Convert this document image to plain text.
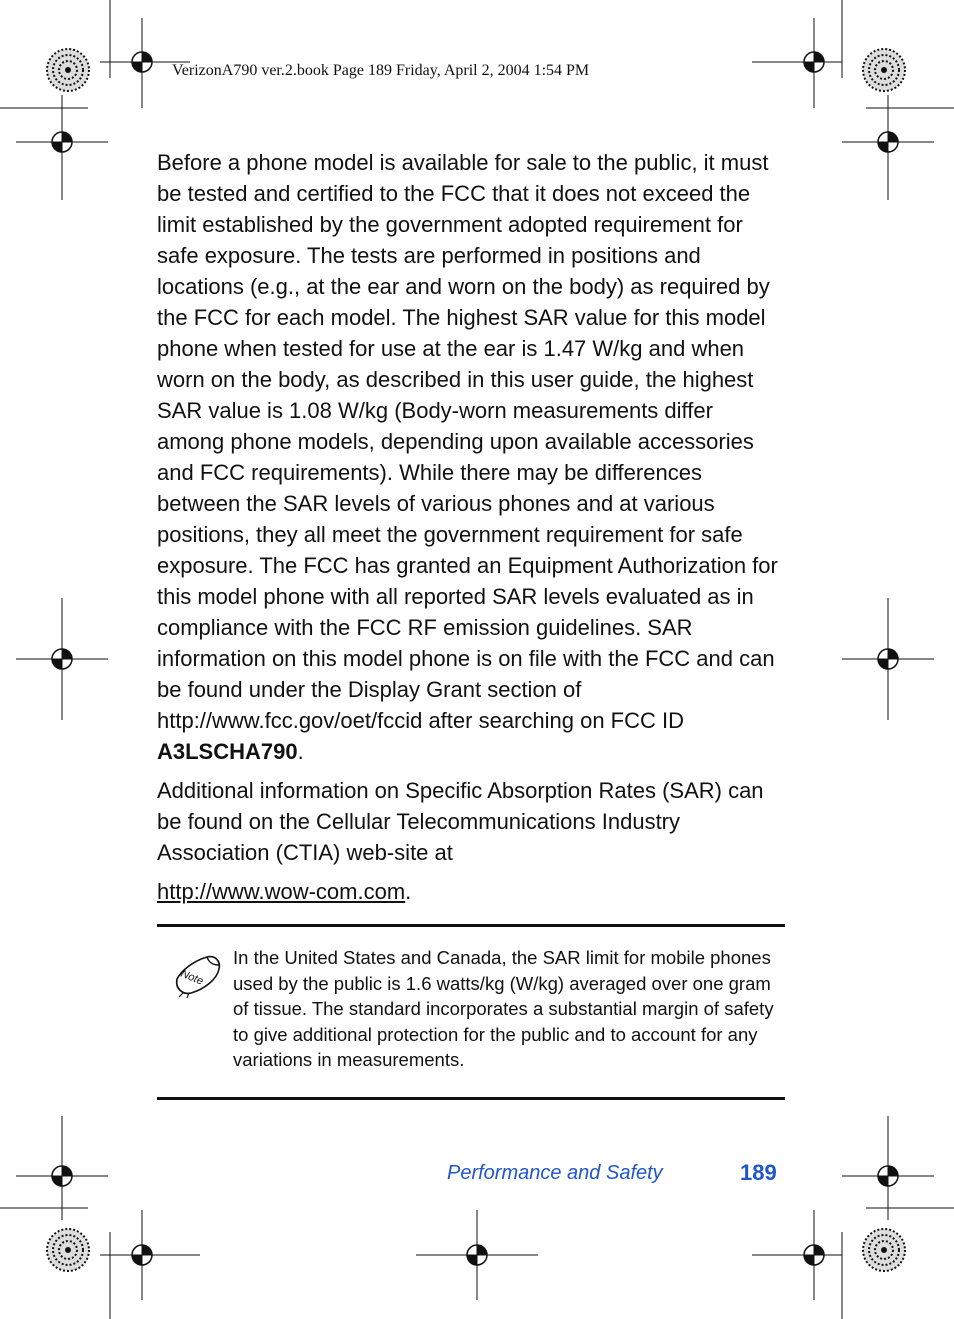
VerizonA790 ver.2.book Page 189 Friday, April 2, 2004 1:54 PM

Before a phone model is available for sale to the public, it must be tested and certified to the FCC that it does not exceed the limit established by the government adopted requirement for safe exposure. The tests are performed in positions and locations (e.g., at the ear and worn on the body) as required by the FCC for each model. The highest SAR value for this model phone when tested for use at the ear is 1.47 W/kg and when worn on the body, as described in this user guide, the highest SAR value is 1.08 W/kg (Body-worn measurements differ among phone models, depending upon available accessories and FCC requirements). While there may be differences between the SAR levels of various phones and at various positions, they all meet the government requirement for safe exposure. The FCC has granted an Equipment Authorization for this model phone with all reported SAR levels evaluated as in compliance with the FCC RF emission guidelines. SAR information on this model phone is on file with the FCC and can be found under the Display Grant section of http://www.fcc.gov/oet/fccid after searching on FCC ID A3LSCHA790.

Additional information on Specific Absorption Rates (SAR) can be found on the Cellular Telecommunications Industry Association (CTIA) web-site at

http://www.wow-com.com.

Note

In the United States and Canada, the SAR limit for mobile phones used by the public is 1.6 watts/kg (W/kg) averaged over one gram of tissue. The standard incorporates a substantial margin of safety to give additional protection for the public and to account for any variations in measurements.

Performance and Safety	189
